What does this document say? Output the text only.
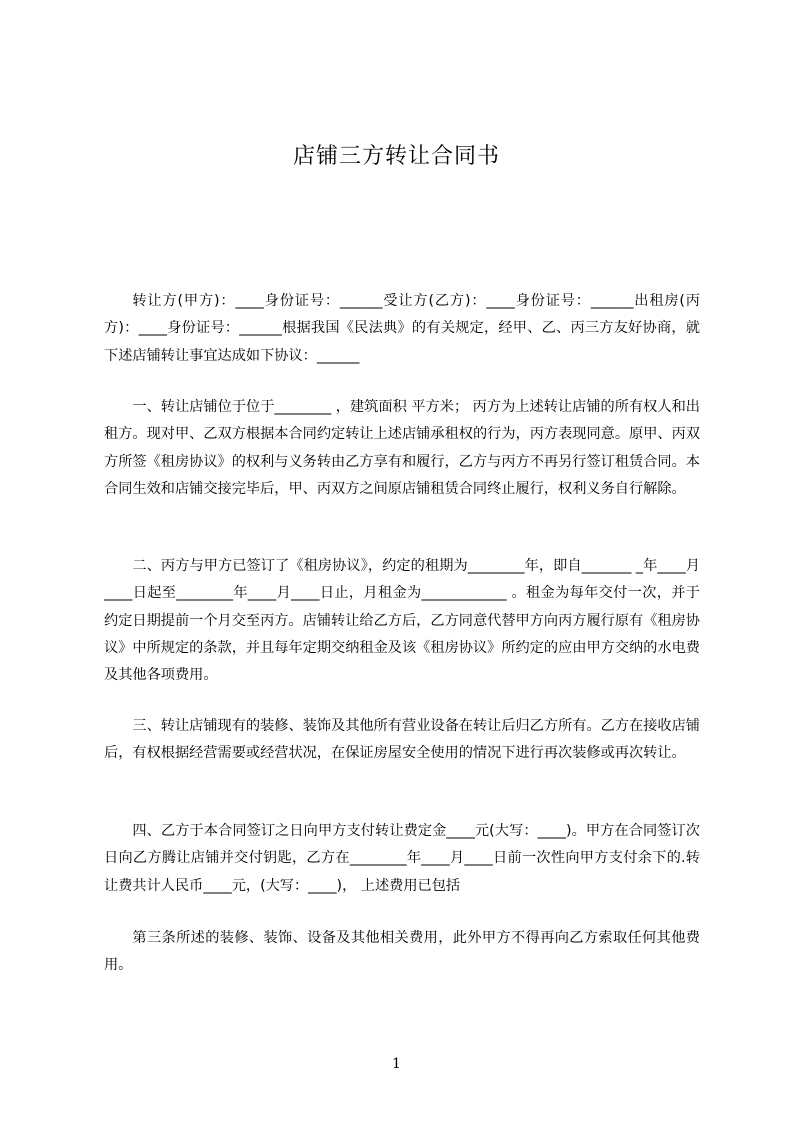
店铺三方转让合同书

转让方(甲方)：____身份证号：______受让方(乙方)：____身份证号：______出租房(丙方)：____身份证号：______根据我国《民法典》的有关规定，经甲、乙、丙三方友好协商，就下述店铺转让事宜达成如下协议：______

一、转让店铺位于位于________ ，建筑面积 平方米； 丙方为上述转让店铺的所有权人和出租方。现对甲、乙双方根据本合同约定转让上述店铺承租权的行为，丙方表现同意。原甲、丙双方所签《租房协议》的权利与义务转由乙方享有和履行，乙方与丙方不再另行签订租赁合同。本合同生效和店铺交接完毕后，甲、丙双方之间原店铺租赁合同终止履行，权利义务自行解除。

二、丙方与甲方已签订了《租房协议》，约定的租期为________年，即自_______ _年____月____日起至________年____月____日止，月租金为____________ 。租金为每年交付一次，并于约定日期提前一个月交至丙方。店铺转让给乙方后，乙方同意代替甲方向丙方履行原有《租房协议》中所规定的条款，并且每年定期交纳租金及该《租房协议》所约定的应由甲方交纳的水电费及其他各项费用。

三、转让店铺现有的装修、装饰及其他所有营业设备在转让后归乙方所有。乙方在接收店铺后，有权根据经营需要或经营状况，在保证房屋安全使用的情况下进行再次装修或再次转让。

四、乙方于本合同签订之日向甲方支付转让费定金____元(大写：____)。甲方在合同签订次日向乙方腾让店铺并交付钥匙，乙方在________年____月____日前一次性向甲方支付余下的.转让费共计人民币____元，(大写：____)， 上述费用已包括

第三条所述的装修、装饰、设备及其他相关费用，此外甲方不得再向乙方索取任何其他费用。

1
